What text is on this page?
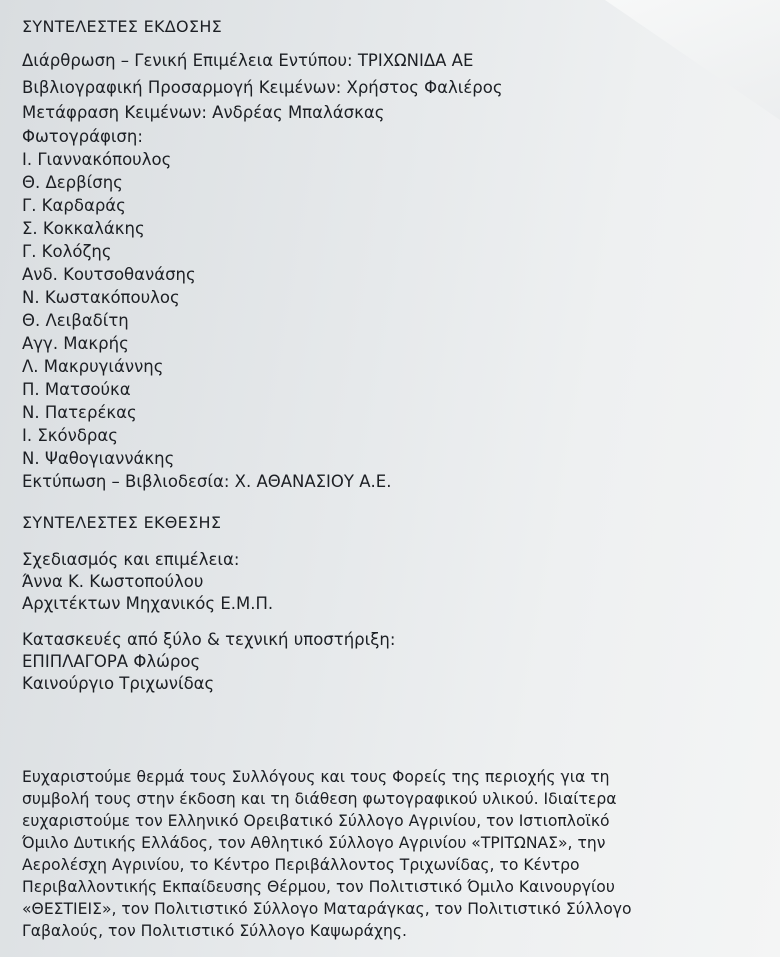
ΣΥΝΤΕΛΕΣΤΕΣ ΕΚΔΟΣΗΣ
Διάρθρωση – Γενική Επιμέλεια Εντύπου: ΤΡΙΧΩΝΙΔΑ ΑΕ
Βιβλιογραφική Προσαρμογή Κειμένων: Χρήστος Φαλιέρος
Μετάφραση Κειμένων: Ανδρέας Μπαλάσκας
Φωτογράφιση:
Ι. Γιαννακόπουλος
Θ. Δερβίσης
Γ. Καρδαράς
Σ. Κοκκαλάκης
Γ. Κολόζης
Ανδ. Κουτσοθανάσης
Ν. Κωστακόπουλος
Θ. Λειβαδίτη
Αγγ. Μακρής
Λ. Μακρυγιάννης
Π. Ματσούκα
Ν. Πατερέκας
Ι. Σκόνδρας
Ν. Ψαθογιαννάκης
Εκτύπωση – Βιβλιοδεσία: Χ. ΑΘΑΝΑΣΙΟΥ Α.Ε.
ΣΥΝΤΕΛΕΣΤΕΣ ΕΚΘΕΣΗΣ
Σχεδιασμός και επιμέλεια:
Άννα Κ. Κωστοπούλου
Αρχιτέκτων Μηχανικός Ε.Μ.Π.
Κατασκευές από ξύλο & τεχνική υποστήριξη:
ΕΠΙΠΛΑΓΟΡΑ Φλώρος
Καινούργιο Τριχωνίδας
Ευχαριστούμε θερμά τους Συλλόγους και τους Φορείς της περιοχής για τη
συμβολή τους στην έκδοση και τη διάθεση φωτογραφικού υλικού. Ιδιαίτερα
ευχαριστούμε τον Ελληνικό Ορειβατικό Σύλλογο Αγρινίου, τον Ιστιοπλοϊκό
Όμιλο Δυτικής Ελλάδος, τον Αθλητικό Σύλλογο Αγρινίου «ΤΡΙΤΩΝΑΣ», την
Αερολέσχη Αγρινίου, το Κέντρο Περιβάλλοντος Τριχωνίδας, το Κέντρο
Περιβαλλοντικής Εκπαίδευσης Θέρμου, τον Πολιτιστικό Όμιλο Καινουργίου
«ΘΕΣΤΙΕΙΣ», τον Πολιτιστικό Σύλλογο Ματαράγκας, τον Πολιτιστικό Σύλλογο
Γαβαλούς, τον Πολιτιστικό Σύλλογο Καψωράχης.
